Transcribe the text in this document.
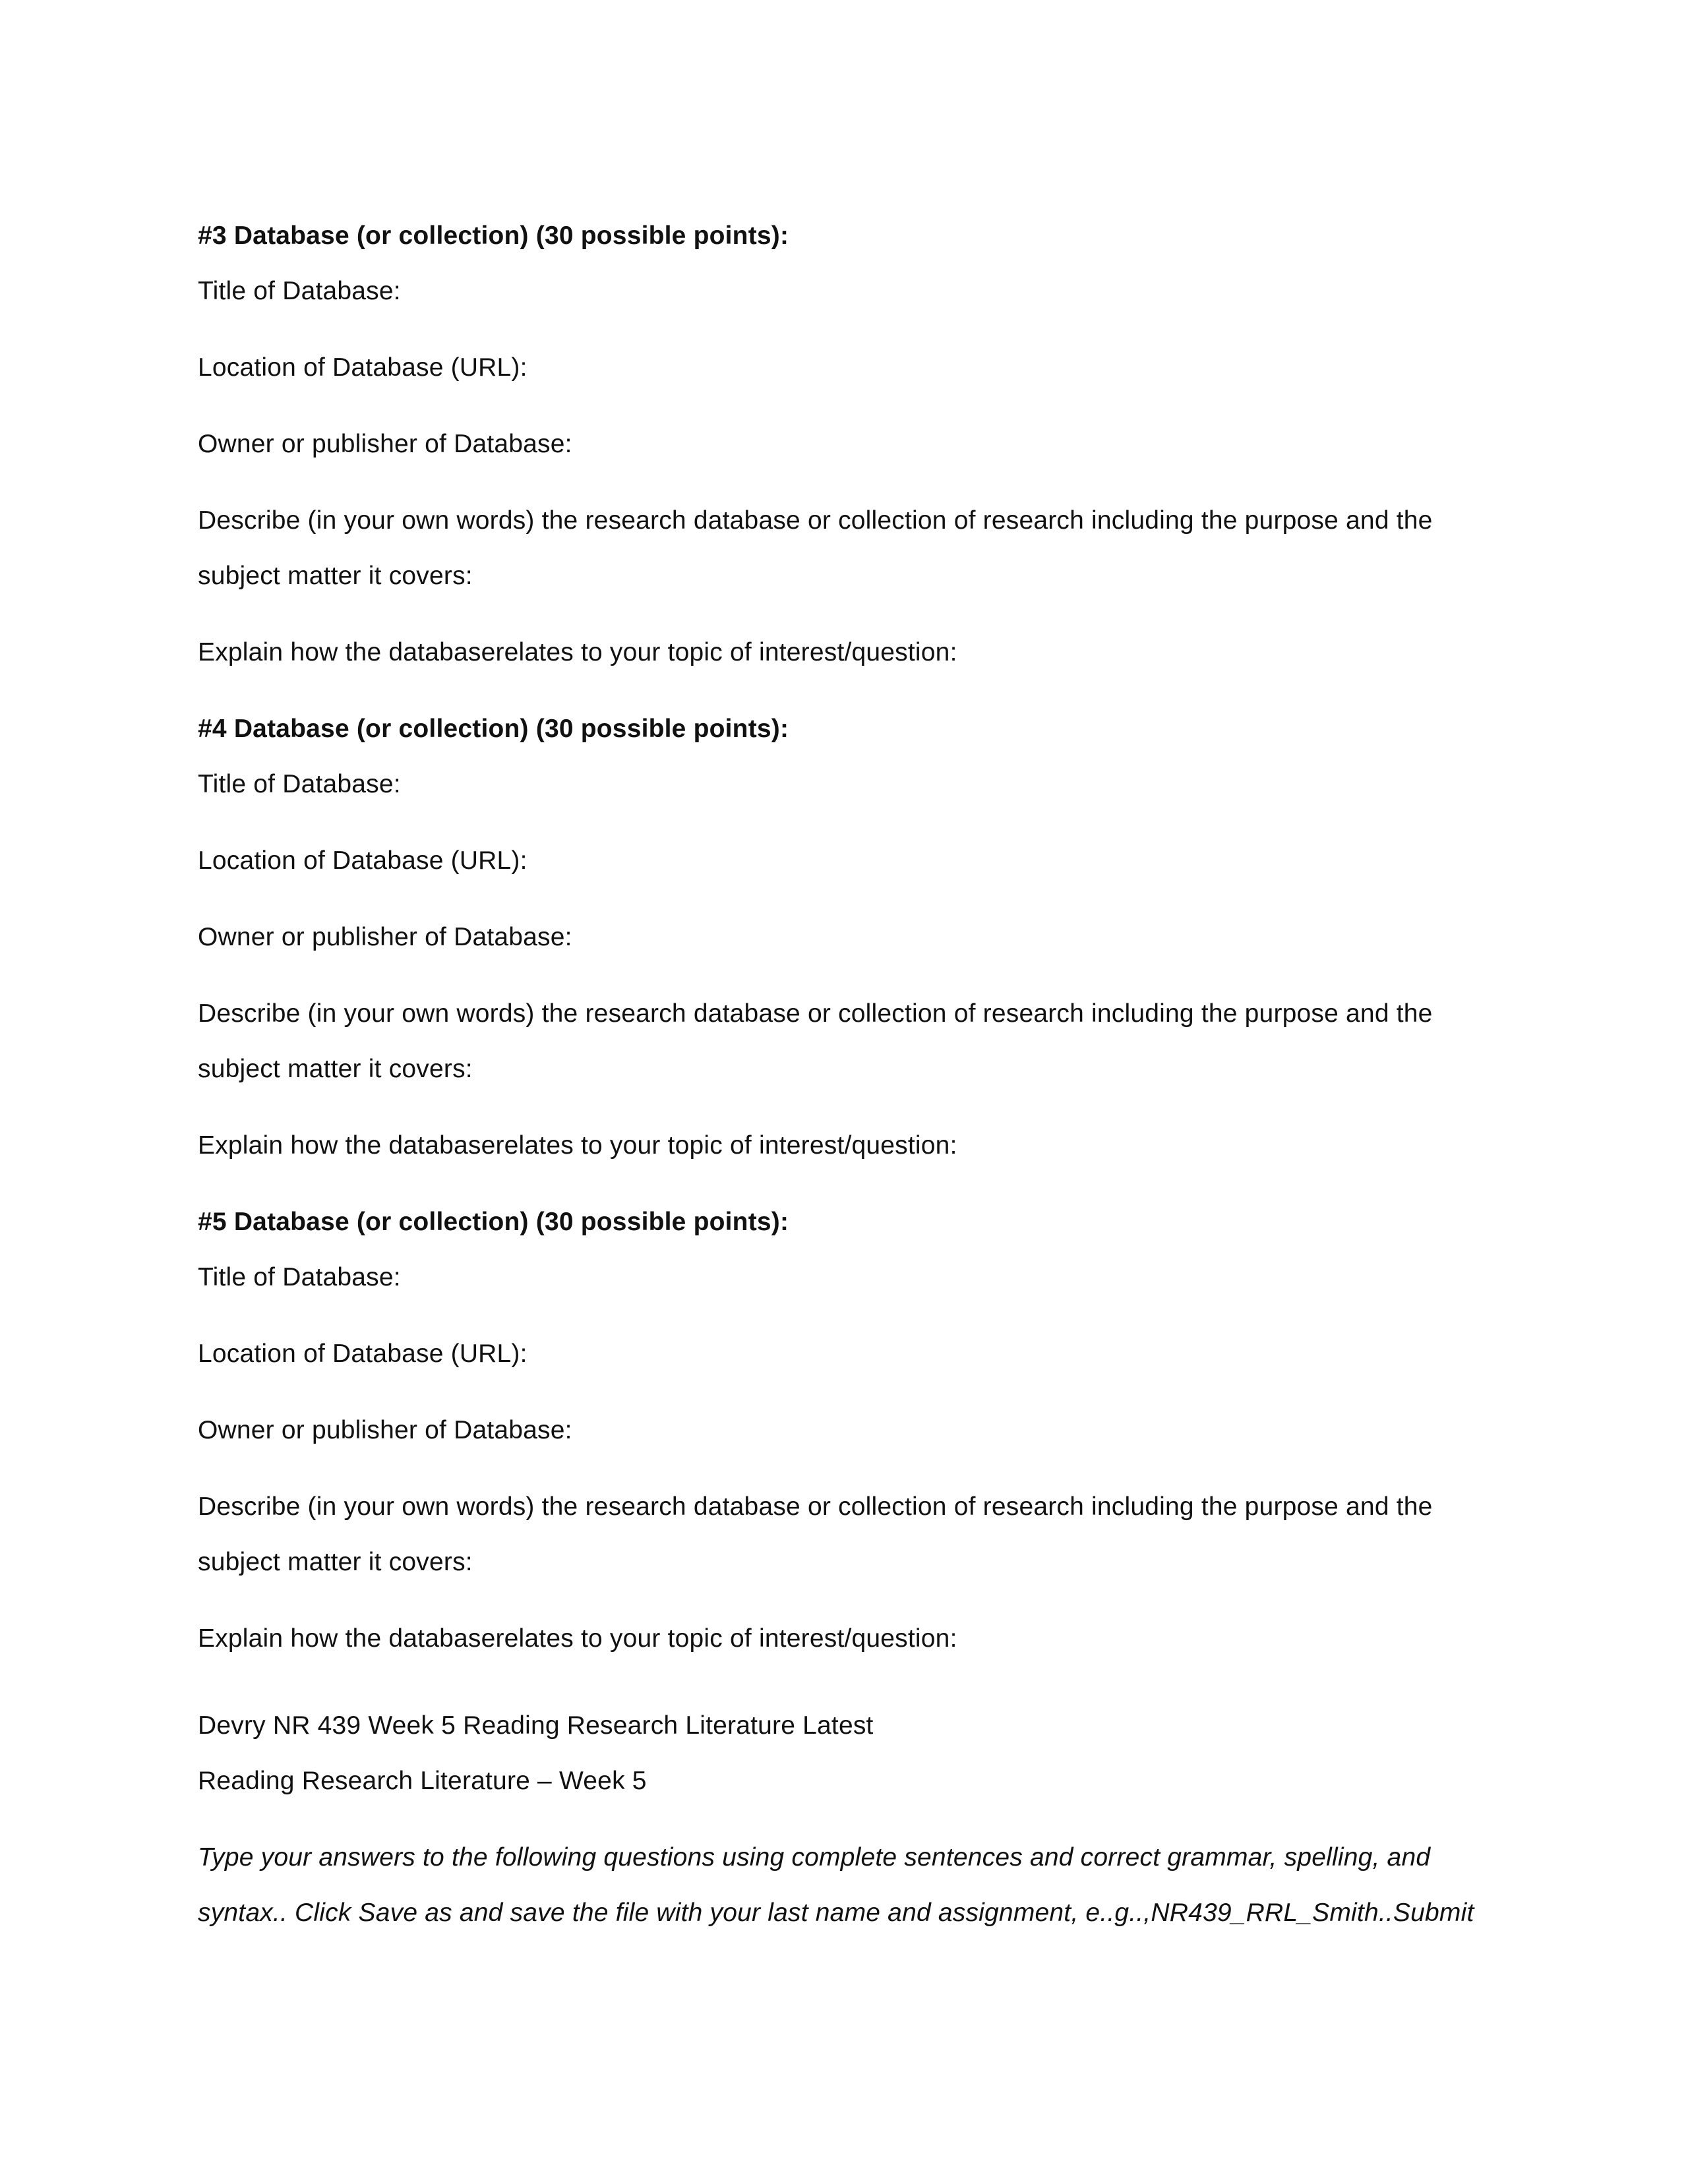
#3 Database (or collection) (30 possible points):
Title of Database:
Location of Database (URL):
Owner or publisher of Database:
Describe (in your own words) the research database or collection of research including the purpose and the
subject matter it covers:
Explain how the databaserelates to your topic of interest/question:
#4 Database (or collection) (30 possible points):
Title of Database:
Location of Database (URL):
Owner or publisher of Database:
Describe (in your own words) the research database or collection of research including the purpose and the
subject matter it covers:
Explain how the databaserelates to your topic of interest/question:
#5 Database (or collection) (30 possible points):
Title of Database:
Location of Database (URL):
Owner or publisher of Database:
Describe (in your own words) the research database or collection of research including the purpose and the
subject matter it covers:
Explain how the databaserelates to your topic of interest/question:
Devry NR 439 Week 5 Reading Research Literature Latest
Reading Research Literature – Week 5
Type your answers to the following questions using complete sentences and correct grammar, spelling, and
syntax.. Click Save as and save the file with your last name and assignment, e..g..,NR439_RRL_Smith..Submit
